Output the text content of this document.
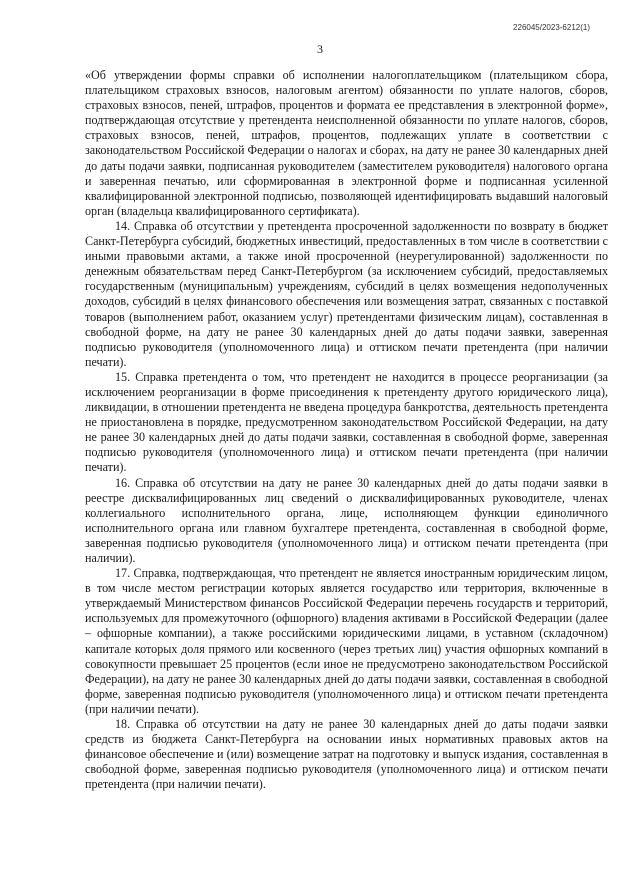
226045/2023-6212(1)
3

«Об утверждении формы справки об исполнении налогоплательщиком (плательщиком сбора, плательщиком страховых взносов, налоговым агентом) обязанности по уплате налогов, сборов, страховых взносов, пеней, штрафов, процентов и формата ее представления в электронной форме», подтверждающая отсутствие у претендента неисполненной обязанности по уплате налогов, сборов, страховых взносов, пеней, штрафов, процентов, подлежащих уплате в соответствии с законодательством Российской Федерации о налогах и сборах, на дату не ранее 30 календарных дней до даты подачи заявки, подписанная руководителем (заместителем руководителя) налогового органа и заверенная печатью, или сформированная в электронной форме и подписанная усиленной квалифицированной электронной подписью, позволяющей идентифицировать выдавший налоговый орган (владельца квалифицированного сертификата).

14. Справка об отсутствии у претендента просроченной задолженности по возврату в бюджет Санкт-Петербурга субсидий, бюджетных инвестиций, предоставленных в том числе в соответствии с иными правовыми актами, а также иной просроченной (неурегулированной) задолженности по денежным обязательствам перед Санкт-Петербургом (за исключением субсидий, предоставляемых государственным (муниципальным) учреждениям, субсидий в целях возмещения недополученных доходов, субсидий в целях финансового обеспечения или возмещения затрат, связанных с поставкой товаров (выполнением работ, оказанием услуг) претендентами физическим лицам), составленная в свободной форме, на дату не ранее 30 календарных дней до даты подачи заявки, заверенная подписью руководителя (уполномоченного лица) и оттиском печати претендента (при наличии печати).

15. Справка претендента о том, что претендент не находится в процессе реорганизации (за исключением реорганизации в форме присоединения к претенденту другого юридического лица), ликвидации, в отношении претендента не введена процедура банкротства, деятельность претендента не приостановлена в порядке, предусмотренном законодательством Российской Федерации, на дату не ранее 30 календарных дней до даты подачи заявки, составленная в свободной форме, заверенная подписью руководителя (уполномоченного лица) и оттиском печати претендента (при наличии печати).

16. Справка об отсутствии на дату не ранее 30 календарных дней до даты подачи заявки в реестре дисквалифицированных лиц сведений о дисквалифицированных руководителе, членах коллегиального исполнительного органа, лице, исполняющем функции единоличного исполнительного органа или главном бухгалтере претендента, составленная в свободной форме, заверенная подписью руководителя (уполномоченного лица) и оттиском печати претендента (при наличии).

17. Справка, подтверждающая, что претендент не является иностранным юридическим лицом, в том числе местом регистрации которых является государство или территория, включенные в утверждаемый Министерством финансов Российской Федерации перечень государств и территорий, используемых для промежуточного (офшорного) владения активами в Российской Федерации (далее – офшорные компании), а также российскими юридическими лицами, в уставном (складочном) капитале которых доля прямого или косвенного (через третьих лиц) участия офшорных компаний в совокупности превышает 25 процентов (если иное не предусмотрено законодательством Российской Федерации), на дату не ранее 30 календарных дней до даты подачи заявки, составленная в свободной форме, заверенная подписью руководителя (уполномоченного лица) и оттиском печати претендента (при наличии печати).

18. Справка об отсутствии на дату не ранее 30 календарных дней до даты подачи заявки средств из бюджета Санкт-Петербурга на основании иных нормативных правовых актов на финансовое обеспечение и (или) возмещение затрат на подготовку и выпуск издания, составленная в свободной форме, заверенная подписью руководителя (уполномоченного лица) и оттиском печати претендента (при наличии печати).
